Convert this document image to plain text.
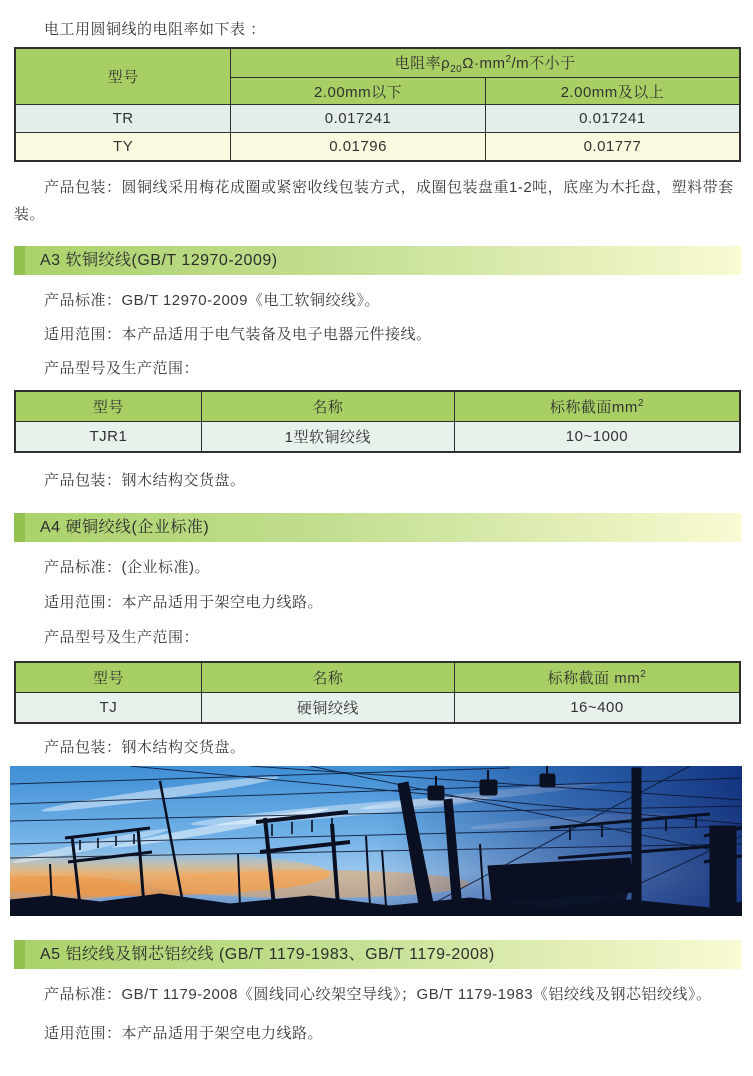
电工用圆铜线的电阻率如下表 ：

型号	电阻率$\rho_{20}\Omega\cdot mm^2/m$不小于	
	2.00mm以下	2.00mm及以上
TR	0.017241	0.017241
TY	0.01796	0.01777

产品包装：圆铜线采用梅花成圈或紧密收线包装方式，成圈包装盘重1-2吨，底座为木托盘，塑料带套装。

A3 软铜绞线(GB/T 12970-2009)

产品标准：GB/T 12970-2009《电工软铜绞线》。

适用范围：本产品适用于电气装备及电子电器元件接线。

产品型号及生产范围：

型号	名称	标称截面$mm^2$
TJR1	1型软铜绞线	10~1000

产品包装：钢木结构交货盘。

A4 硬铜绞线(企业标准)

产品标准：(企业标准)。

适用范围：本产品适用于架空电力线路。

产品型号及生产范围：

型号	名称	标称截面 $mm^2$
TJ	硬铜绞线	16~400

产品包装：钢木结构交货盘。

A5 铝绞线及钢芯铝绞线 (GB/T 1179-1983、GB/T 1179-2008)

产品标准：GB/T 1179-2008《圆线同心绞架空导线》；GB/T 1179-1983《铝绞线及钢芯铝绞线》。

适用范围：本产品适用于架空电力线路。
